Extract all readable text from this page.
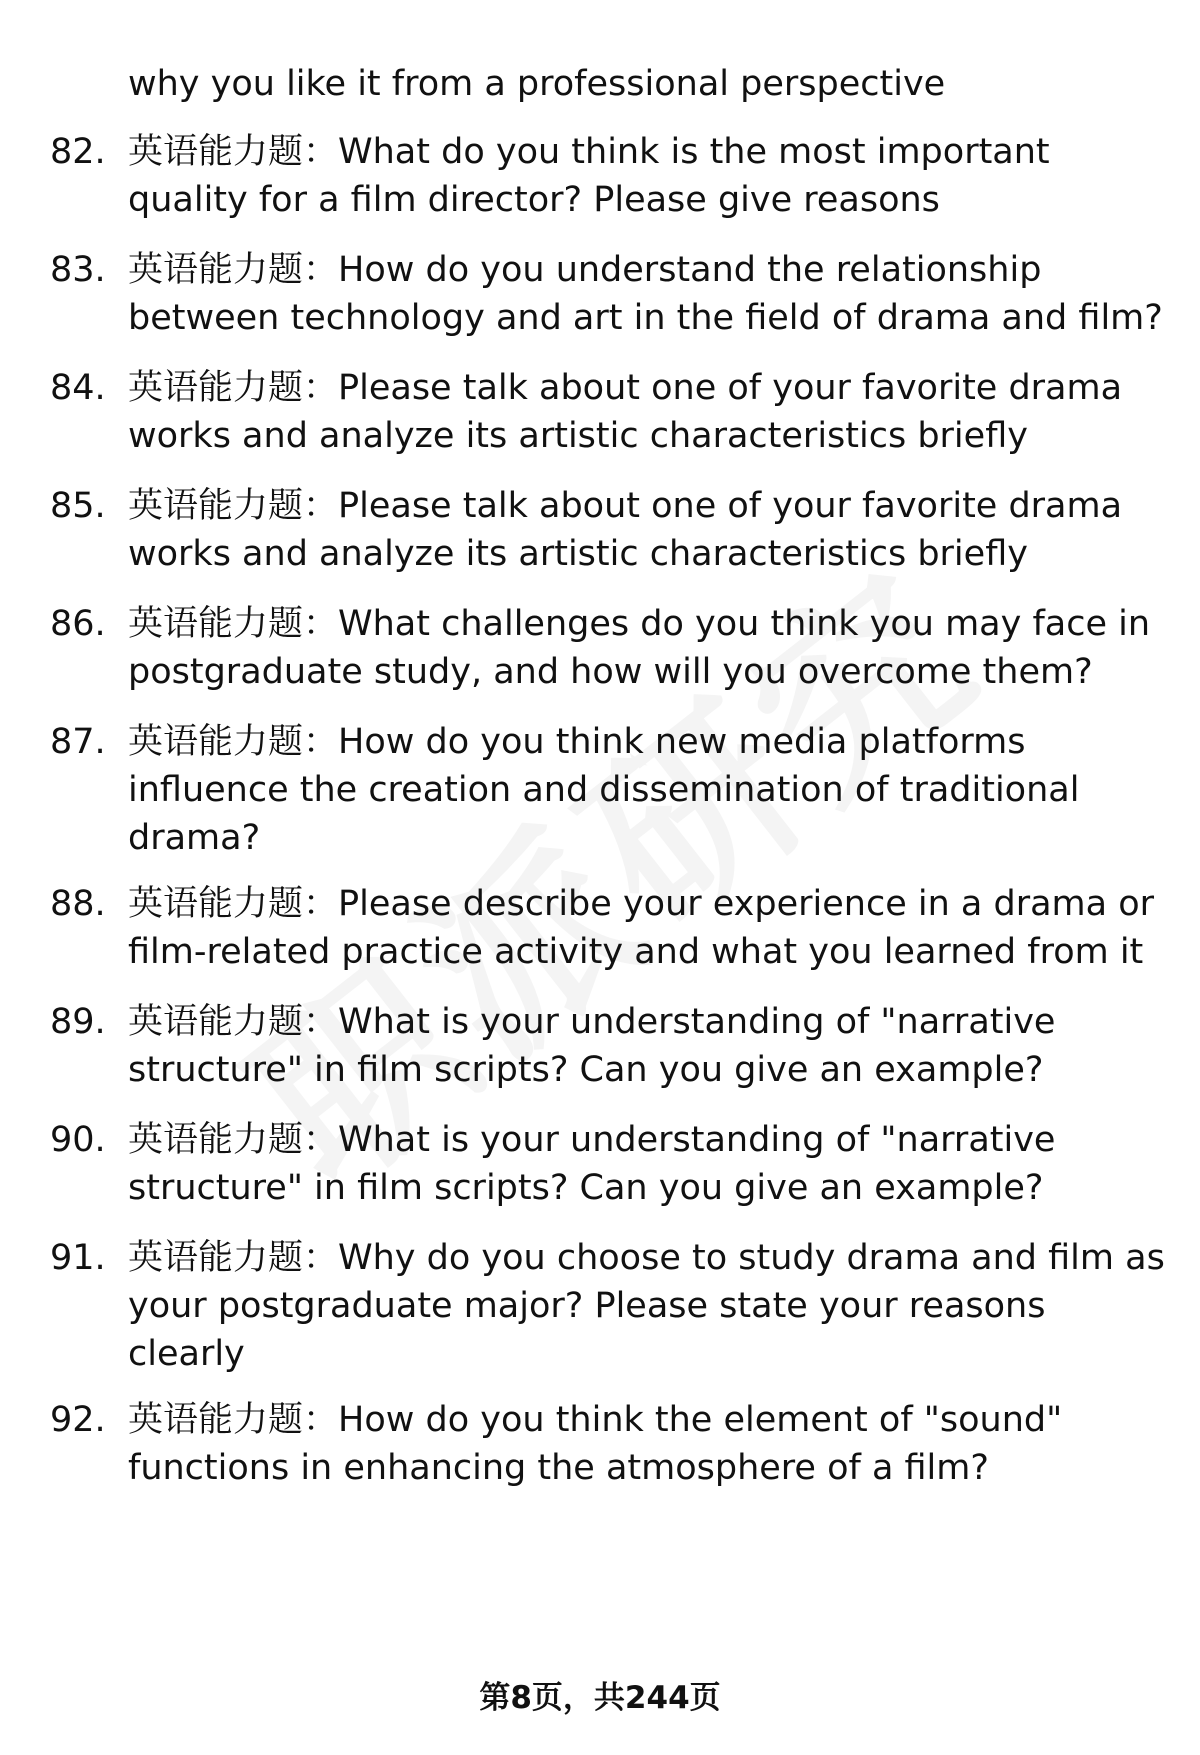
why you like it from a professional perspective
82. 英语能力题：What do you think is the most important quality for a film director? Please give reasons
83. 英语能力题：How do you understand the relationship between technology and art in the field of drama and film?
84. 英语能力题：Please talk about one of your favorite drama works and analyze its artistic characteristics briefly
85. 英语能力题：Please talk about one of your favorite drama works and analyze its artistic characteristics briefly
86. 英语能力题：What challenges do you think you may face in postgraduate study, and how will you overcome them?
87. 英语能力题：How do you think new media platforms influence the creation and dissemination of traditional drama?
88. 英语能力题：Please describe your experience in a drama or film-related practice activity and what you learned from it
89. 英语能力题：What is your understanding of "narrative structure" in film scripts? Can you give an example?
90. 英语能力题：What is your understanding of "narrative structure" in film scripts? Can you give an example?
91. 英语能力题：Why do you choose to study drama and film as your postgraduate major? Please state your reasons clearly
92. 英语能力题：How do you think the element of "sound" functions in enhancing the atmosphere of a film?
第8页，共244页
